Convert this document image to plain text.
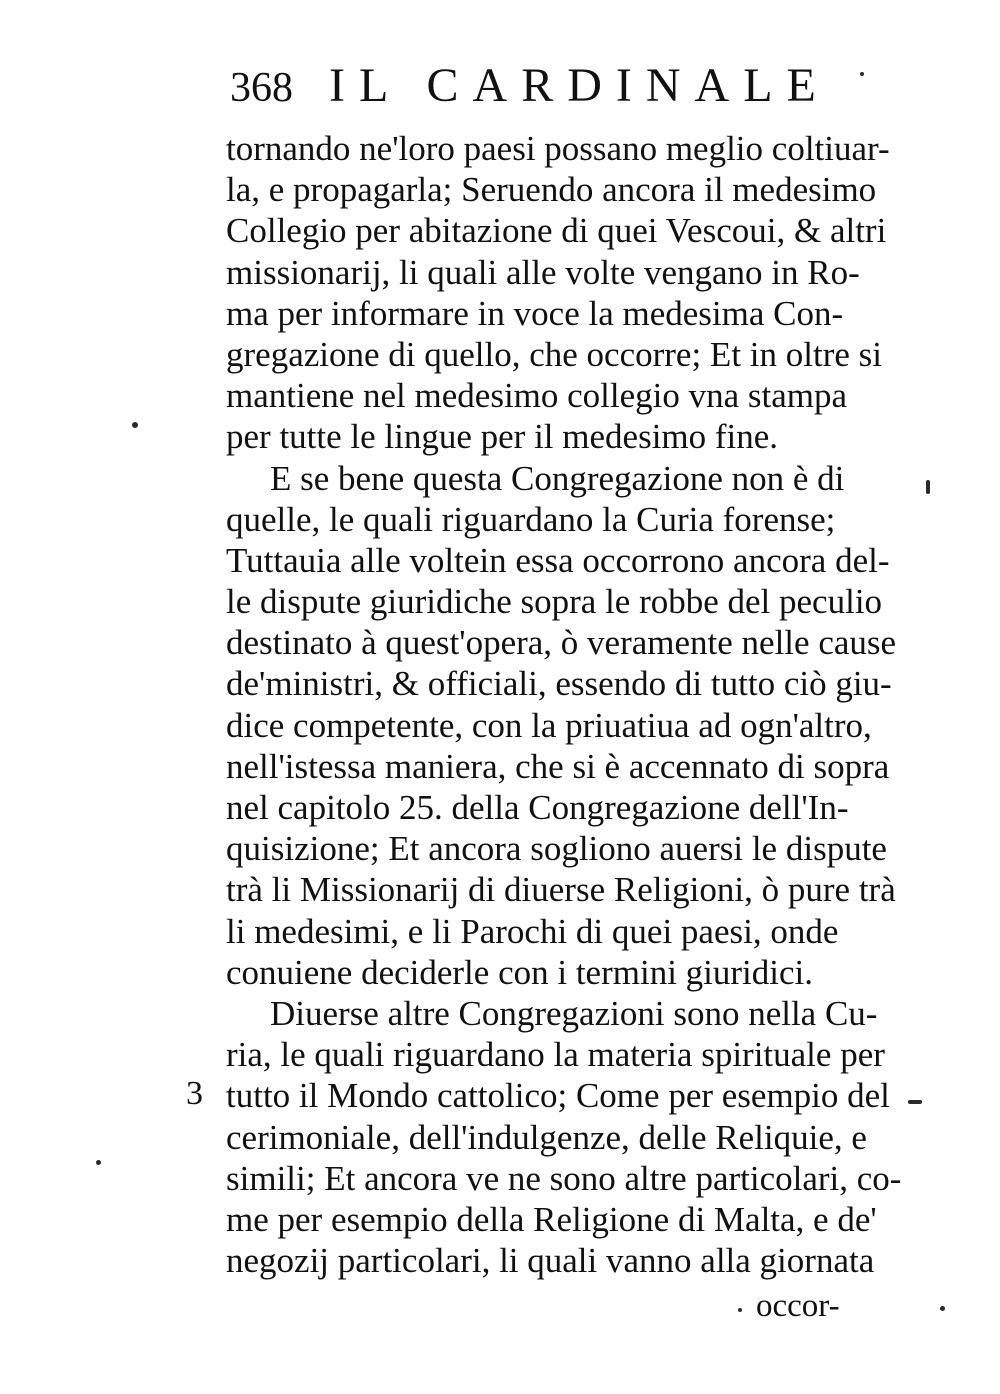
368 IL CARDINALE
tornando ne'loro paesi possano meglio coltiuar-
la, e propagarla; Seruendo ancora il medesimo
Collegio per abitazione di quei Vescoui, & altri
missionarij, li quali alle volte vengano in Ro-
ma per informare in voce la medesima Con-
gregazione di quello, che occorre; Et in oltre si
mantiene nel medesimo collegio vna stampa
per tutte le lingue per il medesimo fine.
E se bene questa Congregazione non è di
quelle, le quali riguardano la Curia forense;
Tuttauia alle voltein essa occorrono ancora del-
le dispute giuridiche sopra le robbe del peculio
destinato à quest'opera, ò veramente nelle cause
de'ministri, & officiali, essendo di tutto ciò giu-
dice competente, con la priuatiua ad ogn'altro,
nell'istessa maniera, che si è accennato di sopra
nel capitolo 25. della Congregazione dell'In-
quisizione; Et ancora sogliono auersi le dispute
trà li Missionarij di diuerse Religioni, ò pure trà
li medesimi, e li Parochi di quei paesi, onde
conuiene deciderle con i termini giuridici.
Diuerse altre Congregazioni sono nella Cu-
ria, le quali riguardano la materia spirituale per
tutto il Mondo cattolico; Come per esempio del
cerimoniale, dell'indulgenze, delle Reliquie, e
simili; Et ancora ve ne sono altre particolari, co-
me per esempio della Religione di Malta, e de'
negozij particolari, li quali vanno alla giornata
3
occor-
